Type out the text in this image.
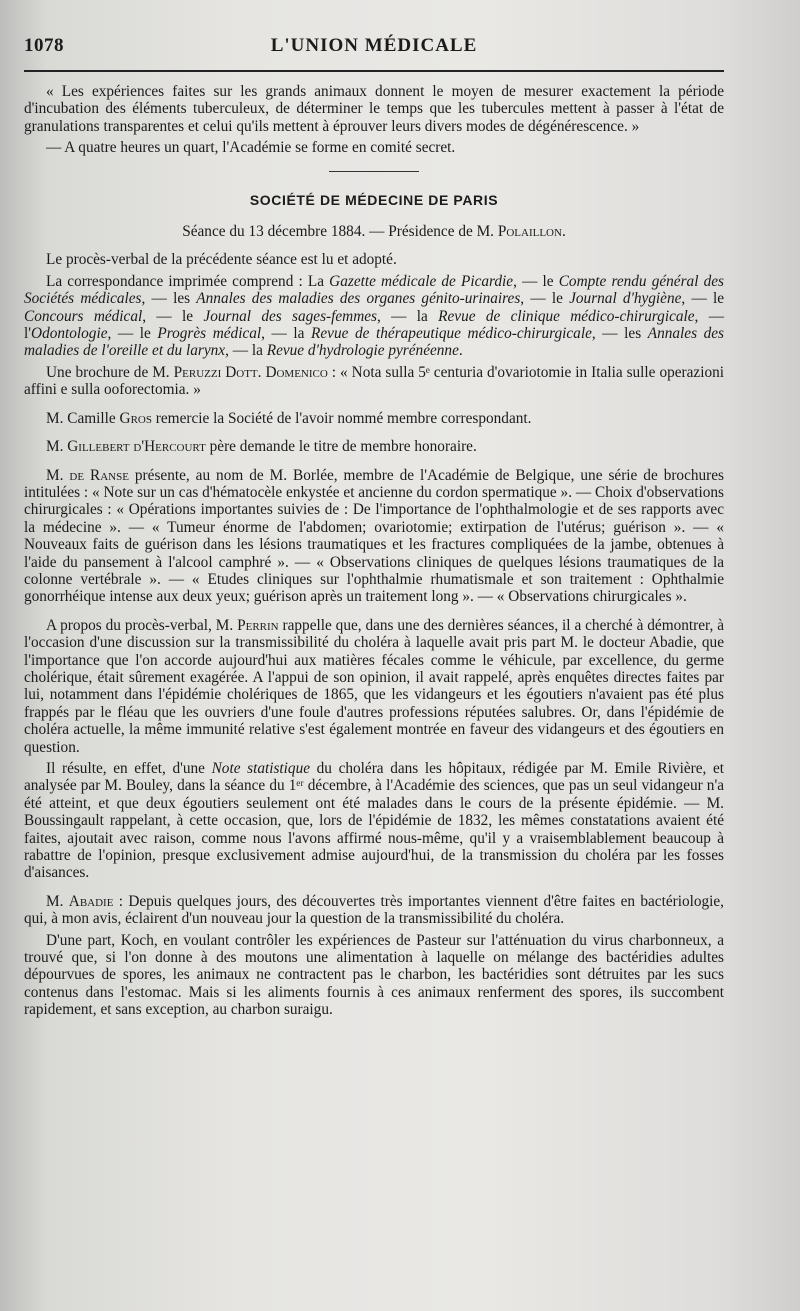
L'UNION MÉDICALE
1078

« Les expériences faites sur les grands animaux donnent le moyen de mesurer exactement la période d'incubation des éléments tuberculeux, de déterminer le temps que les tubercules mettent à passer à l'état de granulations transparentes et celui qu'ils mettent à éprouver leurs divers modes de dégénérescence. »

— A quatre heures un quart, l'Académie se forme en comité secret.

SOCIÉTÉ DE MÉDECINE DE PARIS
Séance du 13 décembre 1884. — Présidence de M. Polaillon.

Le procès-verbal de la précédente séance est lu et adopté.

La correspondance imprimée comprend : La Gazette médicale de Picardie, — le Compte rendu général des Sociétés médicales, — les Annales des maladies des organes génito-urinaires, — le Journal d'hygiène, — le Concours médical, — le Journal des sages-femmes, — la Revue de clinique médico-chirurgicale, — l'Odontologie, — le Progrès médical, — la Revue de thérapeutique médico-chirurgicale, — les Annales des maladies de l'oreille et du larynx, — la Revue d'hydrologie pyrénéenne.

Une brochure de M. Peruzzi Dott. Domenico : « Nota sulla 5ᵉ centuria d'ovariotomie in Italia sulle operazioni affini e sulla ooforectomia. »

M. Camille Gros remercie la Société de l'avoir nommé membre correspondant.

M. Gillebert d'Hercourt père demande le titre de membre honoraire.

M. de Ranse présente, au nom de M. Borlée, membre de l'Académie de Belgique, une série de brochures intitulées : « Note sur un cas d'hématocèle enkystée et ancienne du cordon spermatique ». — Choix d'observations chirurgicales : « Opérations importantes suivies de : De l'importance de l'ophthalmologie et de ses rapports avec la médecine ». — « Tumeur énorme de l'abdomen; ovariotomie; extirpation de l'utérus; guérison ». — « Nouveaux faits de guérison dans les lésions traumatiques et les fractures compliquées de la jambe, obtenues à l'aide du pansement à l'alcool camphré ». — « Observations cliniques de quelques lésions traumatiques de la colonne vertébrale ». — « Etudes cliniques sur l'ophthalmie rhumatismale et son traitement : Ophthalmie gonorrhéique intense aux deux yeux; guérison après un traitement long ». — « Observations chirurgicales ».

A propos du procès-verbal, M. Perrin rappelle que, dans une des dernières séances, il a cherché à démontrer, à l'occasion d'une discussion sur la transmissibilité du choléra à laquelle avait pris part M. le docteur Abadie, que l'importance que l'on accorde aujourd'hui aux matières fécales comme le véhicule, par excellence, du germe cholérique, était sûrement exagérée. A l'appui de son opinion, il avait rappelé, après enquêtes directes faites par lui, notamment dans l'épidémie cholériques de 1865, que les vidangeurs et les égoutiers n'avaient pas été plus frappés par le fléau que les ouvriers d'une foule d'autres professions réputées salubres. Or, dans l'épidémie de choléra actuelle, la même immunité relative s'est également montrée en faveur des vidangeurs et des égoutiers en question.

Il résulte, en effet, d'une Note statistique du choléra dans les hôpitaux, rédigée par M. Emile Rivière, et analysée par M. Bouley, dans la séance du 1ᵉʳ décembre, à l'Académie des sciences, que pas un seul vidangeur n'a été atteint, et que deux égoutiers seulement ont été malades dans le cours de la présente épidémie. — M. Boussingault rappelant, à cette occasion, que, lors de l'épidémie de 1832, les mêmes constatations avaient été faites, ajoutait avec raison, comme nous l'avons affirmé nous-même, qu'il y a vraisemblablement beaucoup à rabattre de l'opinion, presque exclusivement admise aujourd'hui, de la transmission du choléra par les fosses d'aisances.

M. Abadie : Depuis quelques jours, des découvertes très importantes viennent d'être faites en bactériologie, qui, à mon avis, éclairent d'un nouveau jour la question de la transmissibilité du choléra.

D'une part, Koch, en voulant contrôler les expériences de Pasteur sur l'atténuation du virus charbonneux, a trouvé que, si l'on donne à des moutons une alimentation à laquelle on mélange des bactéridies adultes dépourvues de spores, les animaux ne contractent pas le charbon, les bactéridies sont détruites par les sucs contenus dans l'estomac. Mais si les aliments fournis à ces animaux renferment des spores, ils succombent rapidement, et sans exception, au charbon suraigu.
